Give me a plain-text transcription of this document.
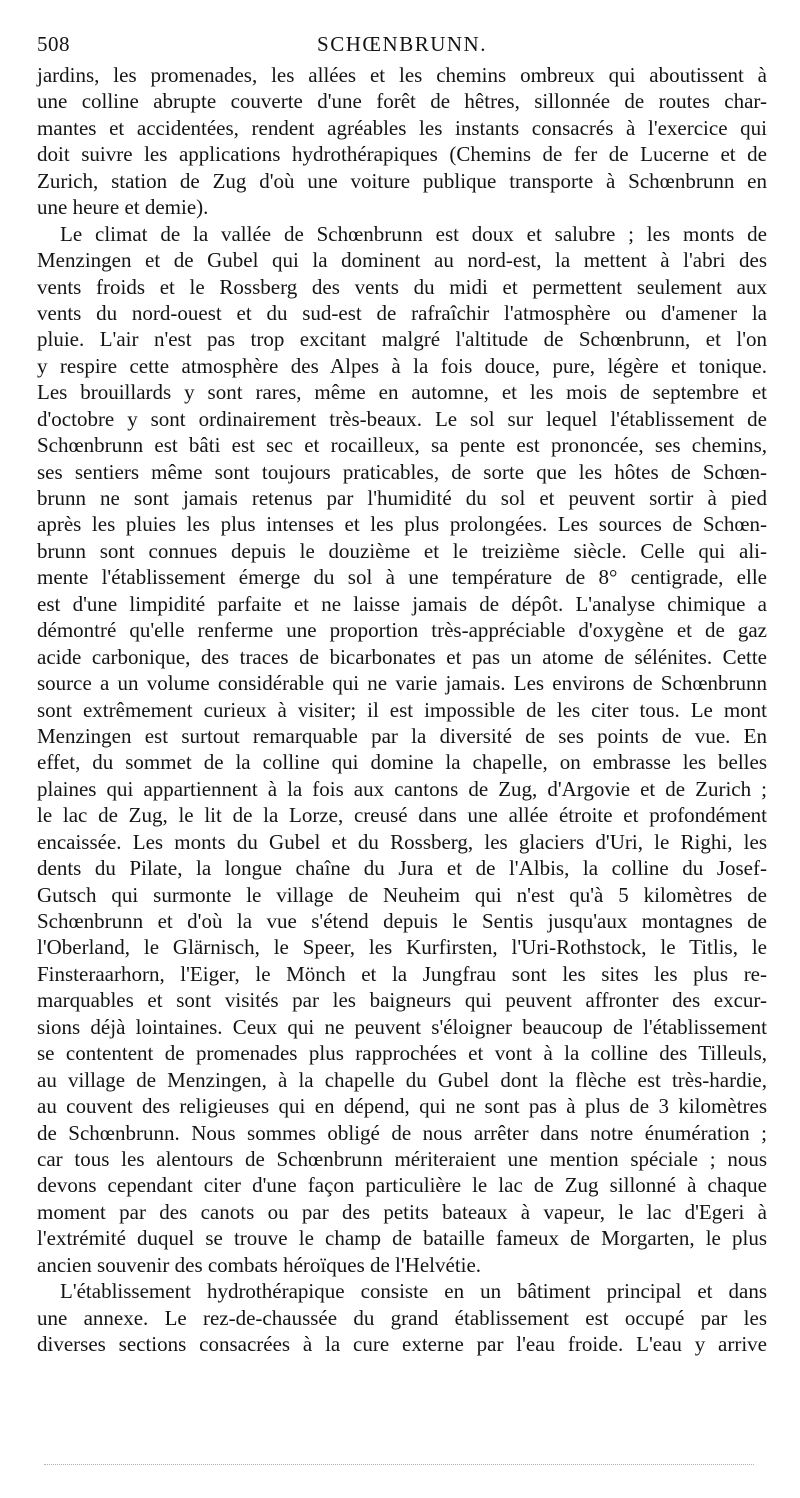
508	SCHŒNBRUNN.
jardins, les promenades, les allées et les chemins ombreux qui aboutissent à
une colline abrupte couverte d'une forêt de hêtres, sillonnée de routes char-
mantes et accidentées, rendent agréables les instants consacrés à l'exercice qui
doit suivre les applications hydrothérapiques (Chemins de fer de Lucerne et de
Zurich, station de Zug d'où une voiture publique transporte à Schœnbrunn en
une heure et demie).
Le climat de la vallée de Schœnbrunn est doux et salubre ; les monts de
Menzingen et de Gubel qui la dominent au nord-est, la mettent à l'abri des
vents froids et le Rossberg des vents du midi et permettent seulement aux
vents du nord-ouest et du sud-est de rafraîchir l'atmosphère ou d'amener la
pluie. L'air n'est pas trop excitant malgré l'altitude de Schœnbrunn, et l'on
y respire cette atmosphère des Alpes à la fois douce, pure, légère et tonique.
Les brouillards y sont rares, même en automne, et les mois de septembre et
d'octobre y sont ordinairement très-beaux. Le sol sur lequel l'établissement de
Schœnbrunn est bâti est sec et rocailleux, sa pente est prononcée, ses chemins,
ses sentiers même sont toujours praticables, de sorte que les hôtes de Schœn-
brunn ne sont jamais retenus par l'humidité du sol et peuvent sortir à pied
après les pluies les plus intenses et les plus prolongées. Les sources de Schœn-
brunn sont connues depuis le douzième et le treizième siècle. Celle qui ali-
mente l'établissement émerge du sol à une température de 8° centigrade, elle
est d'une limpidité parfaite et ne laisse jamais de dépôt. L'analyse chimique a
démontré qu'elle renferme une proportion très-appréciable d'oxygène et de gaz
acide carbonique, des traces de bicarbonates et pas un atome de sélénites. Cette
source a un volume considérable qui ne varie jamais. Les environs de Schœnbrunn
sont extrêmement curieux à visiter; il est impossible de les citer tous. Le mont
Menzingen est surtout remarquable par la diversité de ses points de vue. En
effet, du sommet de la colline qui domine la chapelle, on embrasse les belles
plaines qui appartiennent à la fois aux cantons de Zug, d'Argovie et de Zurich ;
le lac de Zug, le lit de la Lorze, creusé dans une allée étroite et profondément
encaissée. Les monts du Gubel et du Rossberg, les glaciers d'Uri, le Righi, les
dents du Pilate, la longue chaîne du Jura et de l'Albis, la colline du Josef-
Gutsch qui surmonte le village de Neuheim qui n'est qu'à 5 kilomètres de
Schœnbrunn et d'où la vue s'étend depuis le Sentis jusqu'aux montagnes de
l'Oberland, le Glärnisch, le Speer, les Kurfirsten, l'Uri-Rothstock, le Titlis, le
Finsteraarhorn, l'Eiger, le Mönch et la Jungfrau sont les sites les plus re-
marquables et sont visités par les baigneurs qui peuvent affronter des excur-
sions déjà lointaines. Ceux qui ne peuvent s'éloigner beaucoup de l'établissement
se contentent de promenades plus rapprochées et vont à la colline des Tilleuls,
au village de Menzingen, à la chapelle du Gubel dont la flèche est très-hardie,
au couvent des religieuses qui en dépend, qui ne sont pas à plus de 3 kilomètres
de Schœnbrunn. Nous sommes obligé de nous arrêter dans notre énumération ;
car tous les alentours de Schœnbrunn mériteraient une mention spéciale ; nous
devons cependant citer d'une façon particulière le lac de Zug sillonné à chaque
moment par des canots ou par des petits bateaux à vapeur, le lac d'Egeri à
l'extrémité duquel se trouve le champ de bataille fameux de Morgarten, le plus
ancien souvenir des combats héroïques de l'Helvétie.
L'établissement hydrothérapique consiste en un bâtiment principal et dans
une annexe. Le rez-de-chaussée du grand établissement est occupé par les
diverses sections consacrées à la cure externe par l'eau froide. L'eau y arrive
